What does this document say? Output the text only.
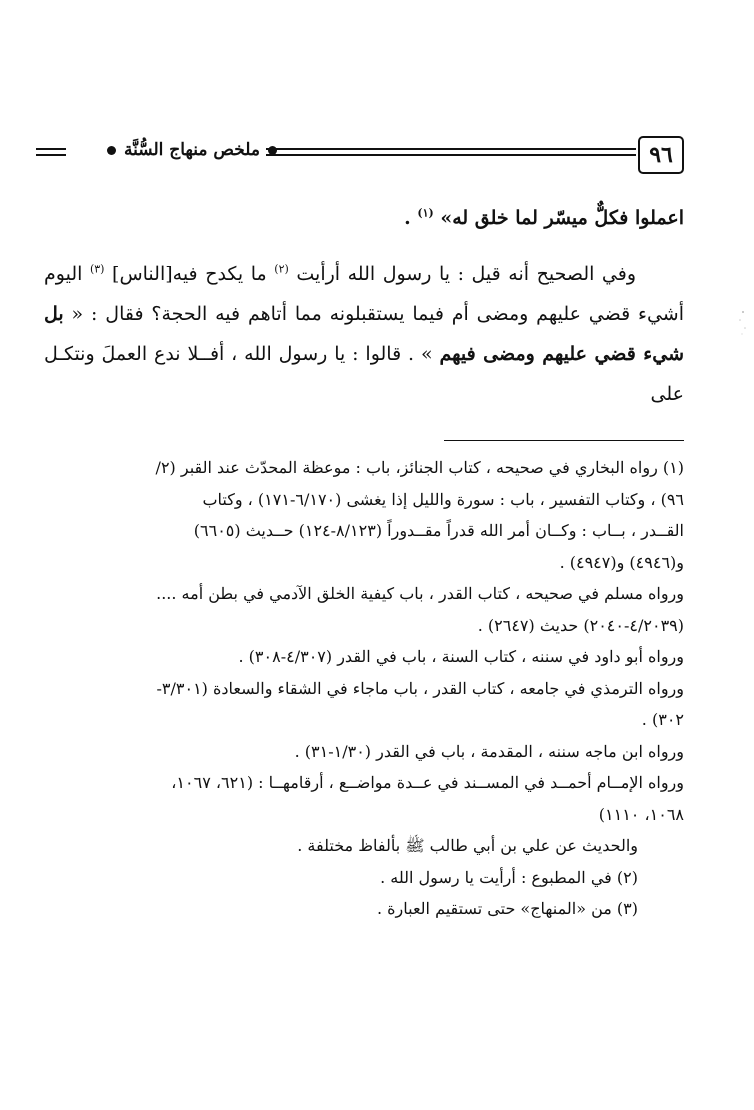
٩٦
ملخص منهاج السُّنَّة

اعملوا فكلٌّ ميسّر لما خلق له» $^{(١)}$ .

وفي الصحيح أنه قيل : يا رسول الله أرأيت $^{(٢)}$ ما يكدح فيه[الناس] $^{(٣)}$ اليوم أشيء قضي عليهم ومضى أم فيما يستقبلونه مما أتاهم فيه الحجة؟ فقال : « بل شيء قضي عليهم ومضى فيهم » . قالوا : يا رسول الله ، أفــلا ندع العملَ ونتكـل على

(١) رواه البخاري في صحيحه ، كتاب الجنائز، باب : موعظة المحدّث عند القبر (٢/

٩٦) ، وكتاب التفسير ، باب : سورة والليل إذا يغشى (٦/١٧٠-١٧١) ، وكتاب

القــدر ، بــاب : وكــان أمر الله قدراً مقــدوراً (٨/١٢٣-١٢٤) حــديث (٦٦٠٥)

و(٤٩٤٦) و(٤٩٤٧) .

ورواه مسلم في صحيحه ، كتاب القدر ، باب كيفية الخلق الآدمي في بطن أمه ....

(٤/٢٠٣٩-٢٠٤٠) حديث (٢٦٤٧) .

ورواه أبو داود في سننه ، كتاب السنة ، باب في القدر (٤/٣٠٧-٣٠٨) .

ورواه الترمذي في جامعه ، كتاب القدر ، باب ماجاء في الشقاء والسعادة (٣/٣٠١-

٣٠٢) .

ورواه ابن ماجه سننه ، المقدمة ، باب في القدر (١/٣٠-٣١) .

ورواه الإمــام أحمــد في المســند في عــدة مواضــع ، أرقامهــا : (٦٢١، ١٠٦٧،

١٠٦٨، ١١١٠)

والحديث عن علي بن أبي طالب ﷺ بألفاظ مختلفة .

(٢) في المطبوع : أرأيت يا رسول الله .

(٣) من «المنهاج» حتى تستقيم العبارة .
